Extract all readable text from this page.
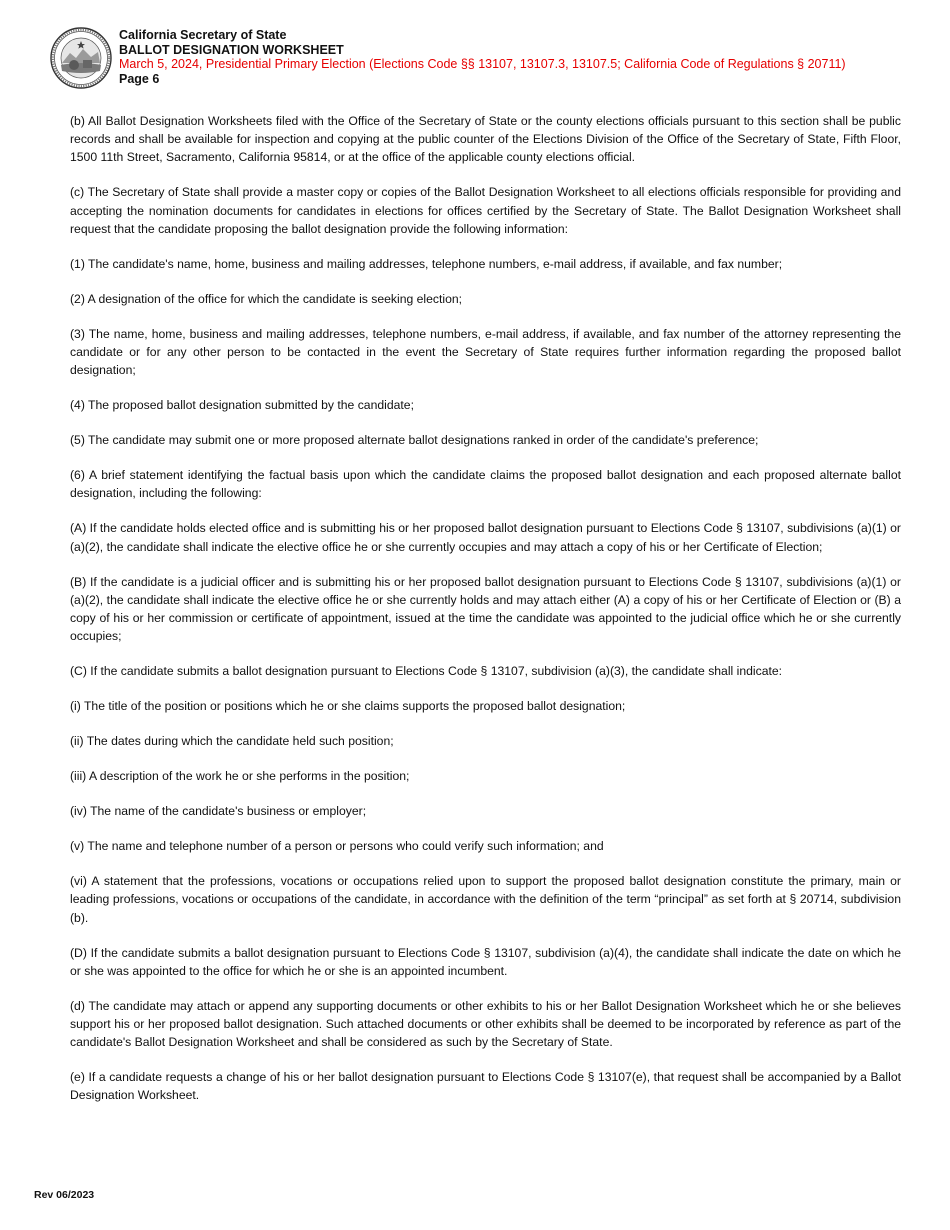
California Secretary of State
BALLOT DESIGNATION WORKSHEET
March 5, 2024, Presidential Primary Election (Elections Code §§ 13107, 13107.3, 13107.5; California Code of Regulations § 20711)
Page 6

(b) All Ballot Designation Worksheets filed with the Office of the Secretary of State or the county elections officials pursuant to this section shall be public records and shall be available for inspection and copying at the public counter of the Elections Division of the Office of the Secretary of State, Fifth Floor, 1500 11th Street, Sacramento, California 95814, or at the office of the applicable county elections official.

(c) The Secretary of State shall provide a master copy or copies of the Ballot Designation Worksheet to all elections officials responsible for providing and accepting the nomination documents for candidates in elections for offices certified by the Secretary of State. The Ballot Designation Worksheet shall request that the candidate proposing the ballot designation provide the following information:

(1) The candidate's name, home, business and mailing addresses, telephone numbers, e-mail address, if available, and fax number;

(2) A designation of the office for which the candidate is seeking election;

(3) The name, home, business and mailing addresses, telephone numbers, e-mail address, if available, and fax number of the attorney representing the candidate or for any other person to be contacted in the event the Secretary of State requires further information regarding the proposed ballot designation;

(4) The proposed ballot designation submitted by the candidate;

(5) The candidate may submit one or more proposed alternate ballot designations ranked in order of the candidate's preference;

(6) A brief statement identifying the factual basis upon which the candidate claims the proposed ballot designation and each proposed alternate ballot designation, including the following:

(A) If the candidate holds elected office and is submitting his or her proposed ballot designation pursuant to Elections Code § 13107, subdivisions (a)(1) or (a)(2), the candidate shall indicate the elective office he or she currently occupies and may attach a copy of his or her Certificate of Election;

(B) If the candidate is a judicial officer and is submitting his or her proposed ballot designation pursuant to Elections Code § 13107, subdivisions (a)(1) or (a)(2), the candidate shall indicate the elective office he or she currently holds and may attach either (A) a copy of his or her Certificate of Election or (B) a copy of his or her commission or certificate of appointment, issued at the time the candidate was appointed to the judicial office which he or she currently occupies;

(C) If the candidate submits a ballot designation pursuant to Elections Code § 13107, subdivision (a)(3), the candidate shall indicate:

(i) The title of the position or positions which he or she claims supports the proposed ballot designation;

(ii) The dates during which the candidate held such position;

(iii) A description of the work he or she performs in the position;

(iv) The name of the candidate's business or employer;

(v) The name and telephone number of a person or persons who could verify such information; and

(vi) A statement that the professions, vocations or occupations relied upon to support the proposed ballot designation constitute the primary, main or leading professions, vocations or occupations of the candidate, in accordance with the definition of the term “principal” as set forth at § 20714, subdivision (b).

(D) If the candidate submits a ballot designation pursuant to Elections Code § 13107, subdivision (a)(4), the candidate shall indicate the date on which he or she was appointed to the office for which he or she is an appointed incumbent.

(d) The candidate may attach or append any supporting documents or other exhibits to his or her Ballot Designation Worksheet which he or she believes support his or her proposed ballot designation. Such attached documents or other exhibits shall be deemed to be incorporated by reference as part of the candidate's Ballot Designation Worksheet and shall be considered as such by the Secretary of State.

(e) If a candidate requests a change of his or her ballot designation pursuant to Elections Code § 13107(e), that request shall be accompanied by a Ballot Designation Worksheet.

Rev 06/2023
